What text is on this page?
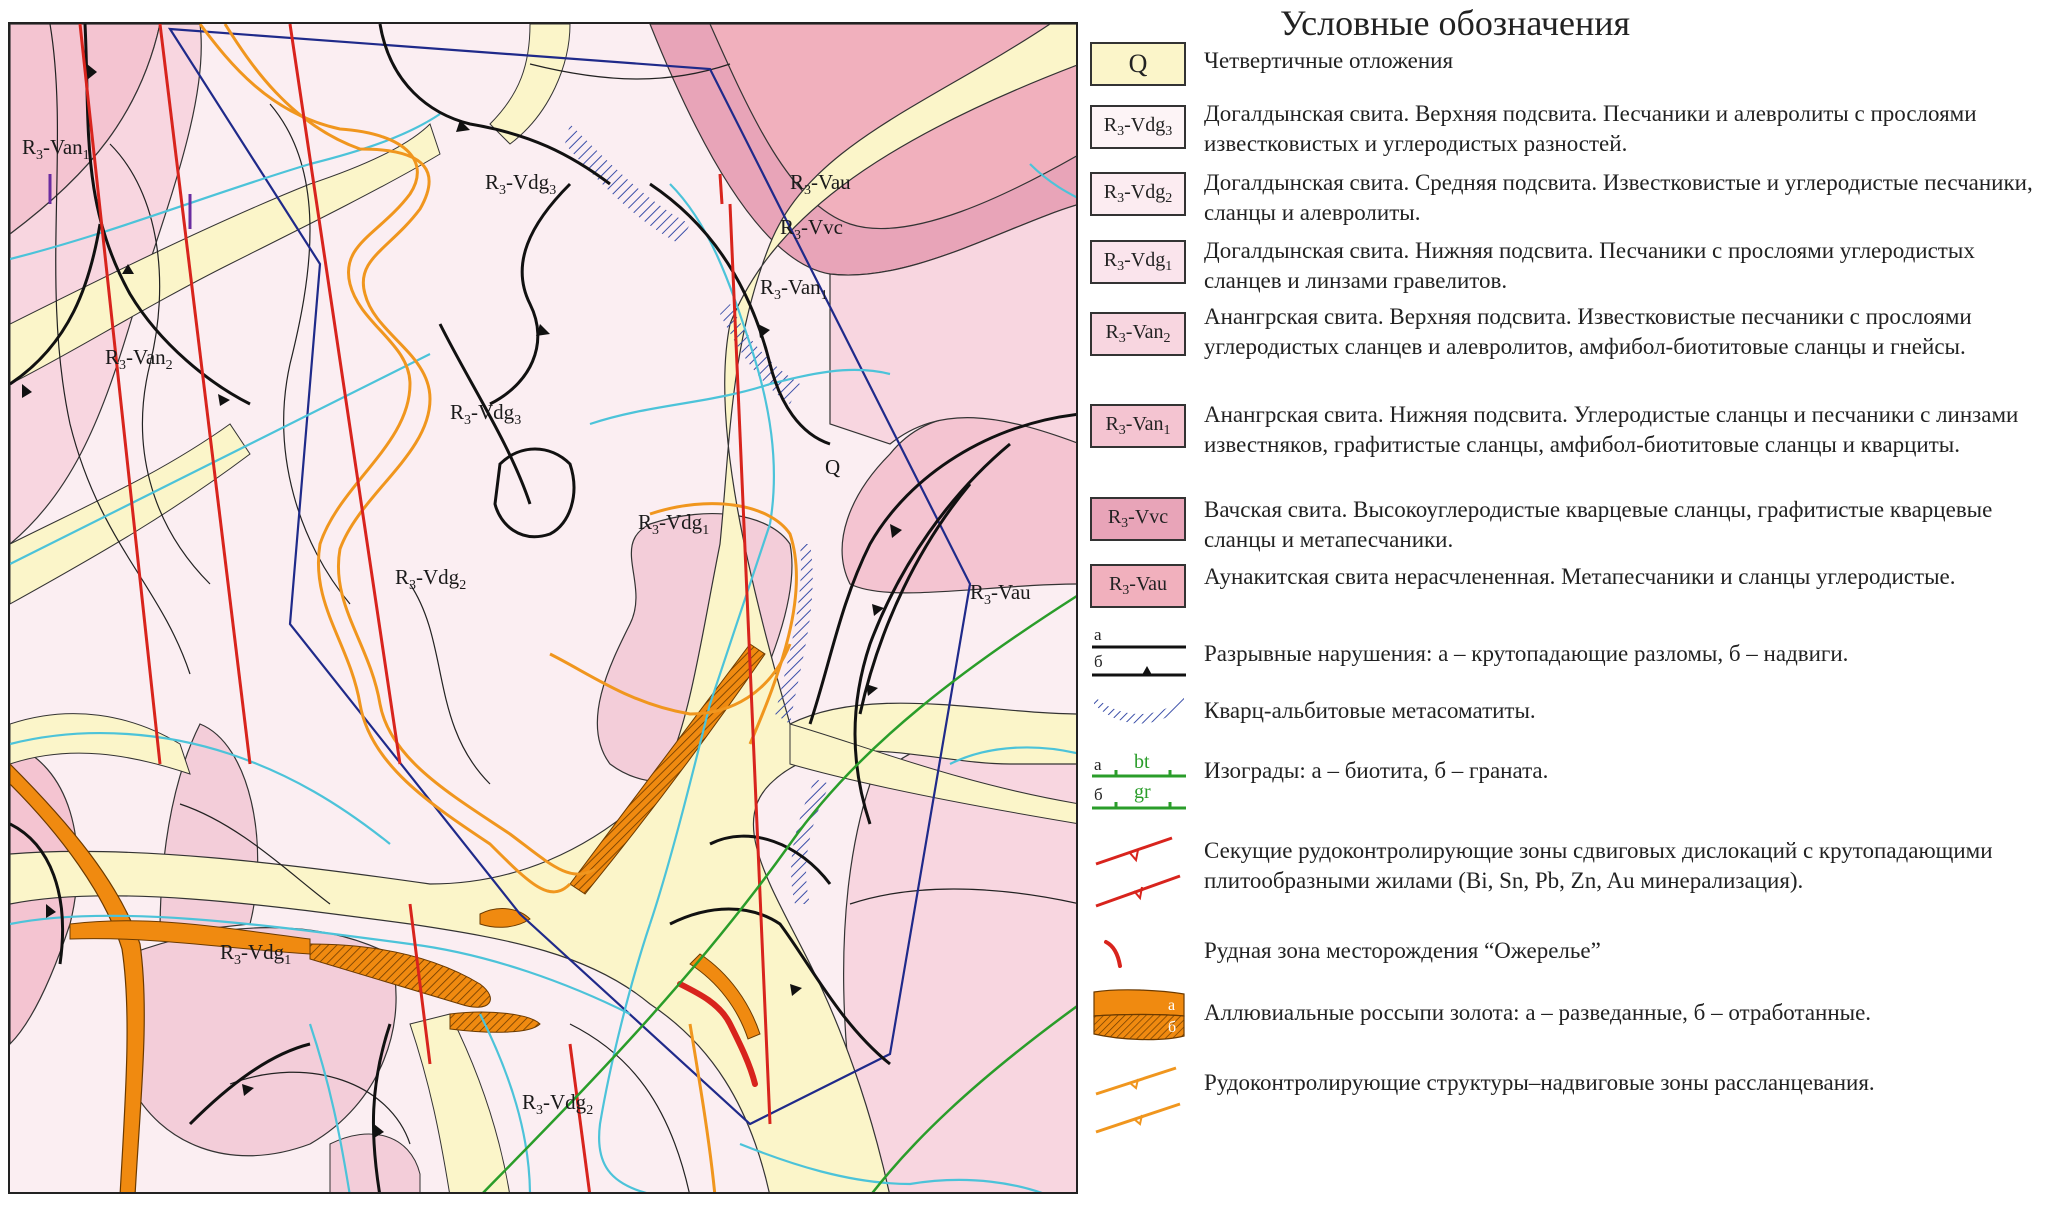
$R_3-Van_1$
$R_3-Vdg_3$	$R_3$-Vau
$R_3$-Vvc
$R_3-Van_1$
$R_3-Van_2$
$R_3-Vdg_3$
Q
$R_3-Vdg_1$
$R_3-Vdg_2$	$R_3$-Vau
$R_3-Vdg_1$
$R_3-Vdg_2$
Условные обозначения
Q Четвертичные отложения
$R_3-Vdg_3$
Догалдынская свита. Верхняя подсвита. Песчаники и алевролиты с прослоями известковистых и углеродистых разностей.
$R_3-Vdg_2$
Догалдынская свита. Средняя подсвита. Известковистые и углеродистые песчаники, сланцы и алевролиты.
$R_3-Vdg_1$
Догалдынская свита. Нижняя подсвита. Песчаники с прослоями углеродистых сланцев и линзами гравелитов.
$R_3-Van_2$
Анангрская свита. Верхняя подсвита. Известковистые песчаники с прослоями углеродистых сланцев и алевролитов, амфибол-биотитовые сланцы и гнейсы.
$R_3-Van_1$
Анангрская свита. Нижняя подсвита. Углеродистые сланцы и песчаники с линзами известняков, графитистые сланцы, амфибол-биотитовые сланцы и кварциты.
$R_3$-Vvc Вачская свита. Высокоуглеродистые кварцевые сланцы, графитистые кварцевые сланцы и метапесчаники.
$R_3$-Vau Аунакитская свита нерасчлененная. Метапесчаники и сланцы углеродистые.
а
б	Разрывные нарушения: а – крутопадающие разломы, б – надвиги.
Кварц-альбитовые метасоматиты.
а bt
б gr
Изограды: а – биотита, б – граната.
Секущие рудоконтролирующие зоны сдвиговых дислокаций с крутопадающими плитообразными жилами (Bi, Sn, Pb, Zn, Au минерализация).
Рудная зона месторождения “Ожерелье”
а
б
Аллювиальные россыпи золота: а – разведанные, б – отработанные.
Рудоконтролирующие структуры–надвиговые зоны рассланцевания.
